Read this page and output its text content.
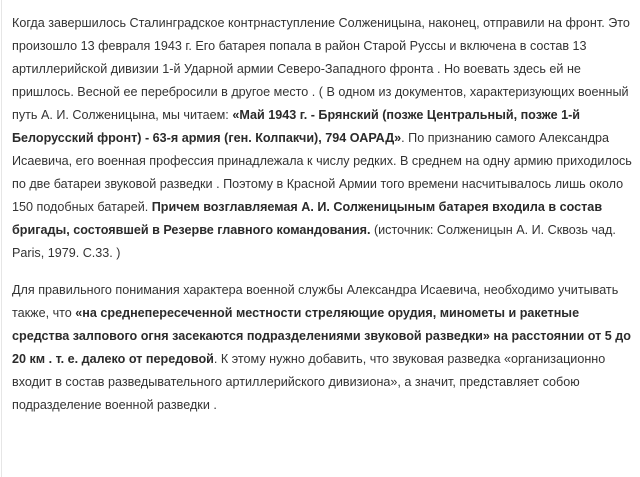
Когда завершилось Сталинградское контрнаступление Солженицына, наконец, отправили на фронт. Это произошло 13 февраля 1943 г. Его батарея попала в район Старой Руссы и включена в состав 13 артиллерийской дивизии 1-й Ударной армии Северо-Западного фронта . Но воевать здесь ей не пришлось. Весной ее перебросили в другое место . ( В одном из документов, характеризующих военный путь А. И. Солженицына, мы читаем: «Май 1943 г. - Брянский (позже Центральный, позже 1-й Белорусский фронт) - 63-я армия (ген. Колпакчи), 794 ОАРАД». По признанию самого Александра Исаевича, его военная профессия принадлежала к числу редких. В среднем на одну армию приходилось по две батареи звуковой разведки . Поэтому в Красной Армии того времени насчитывалось лишь около 150 подобных батарей. Причем возглавляемая А. И. Солженицыным батарея входила в состав бригады, состоявшей в Резерве главного командования. (источник: Солженицын А. И. Сквозь чад. Paris, 1979. С.33. )

Для правильного понимания характера военной службы Александра Исаевича, необходимо учитывать также, что «на среднепересеченной местности стреляющие орудия, минометы и ракетные средства залпового огня засекаются подразделениями звуковой разведки» на расстоянии от 5 до 20 км . т. е. далеко от передовой. К этому нужно добавить, что звуковая разведка «организационно входит в состав разведывательного артиллерийского дивизиона», а значит, представляет собою подразделение военной разведки .
